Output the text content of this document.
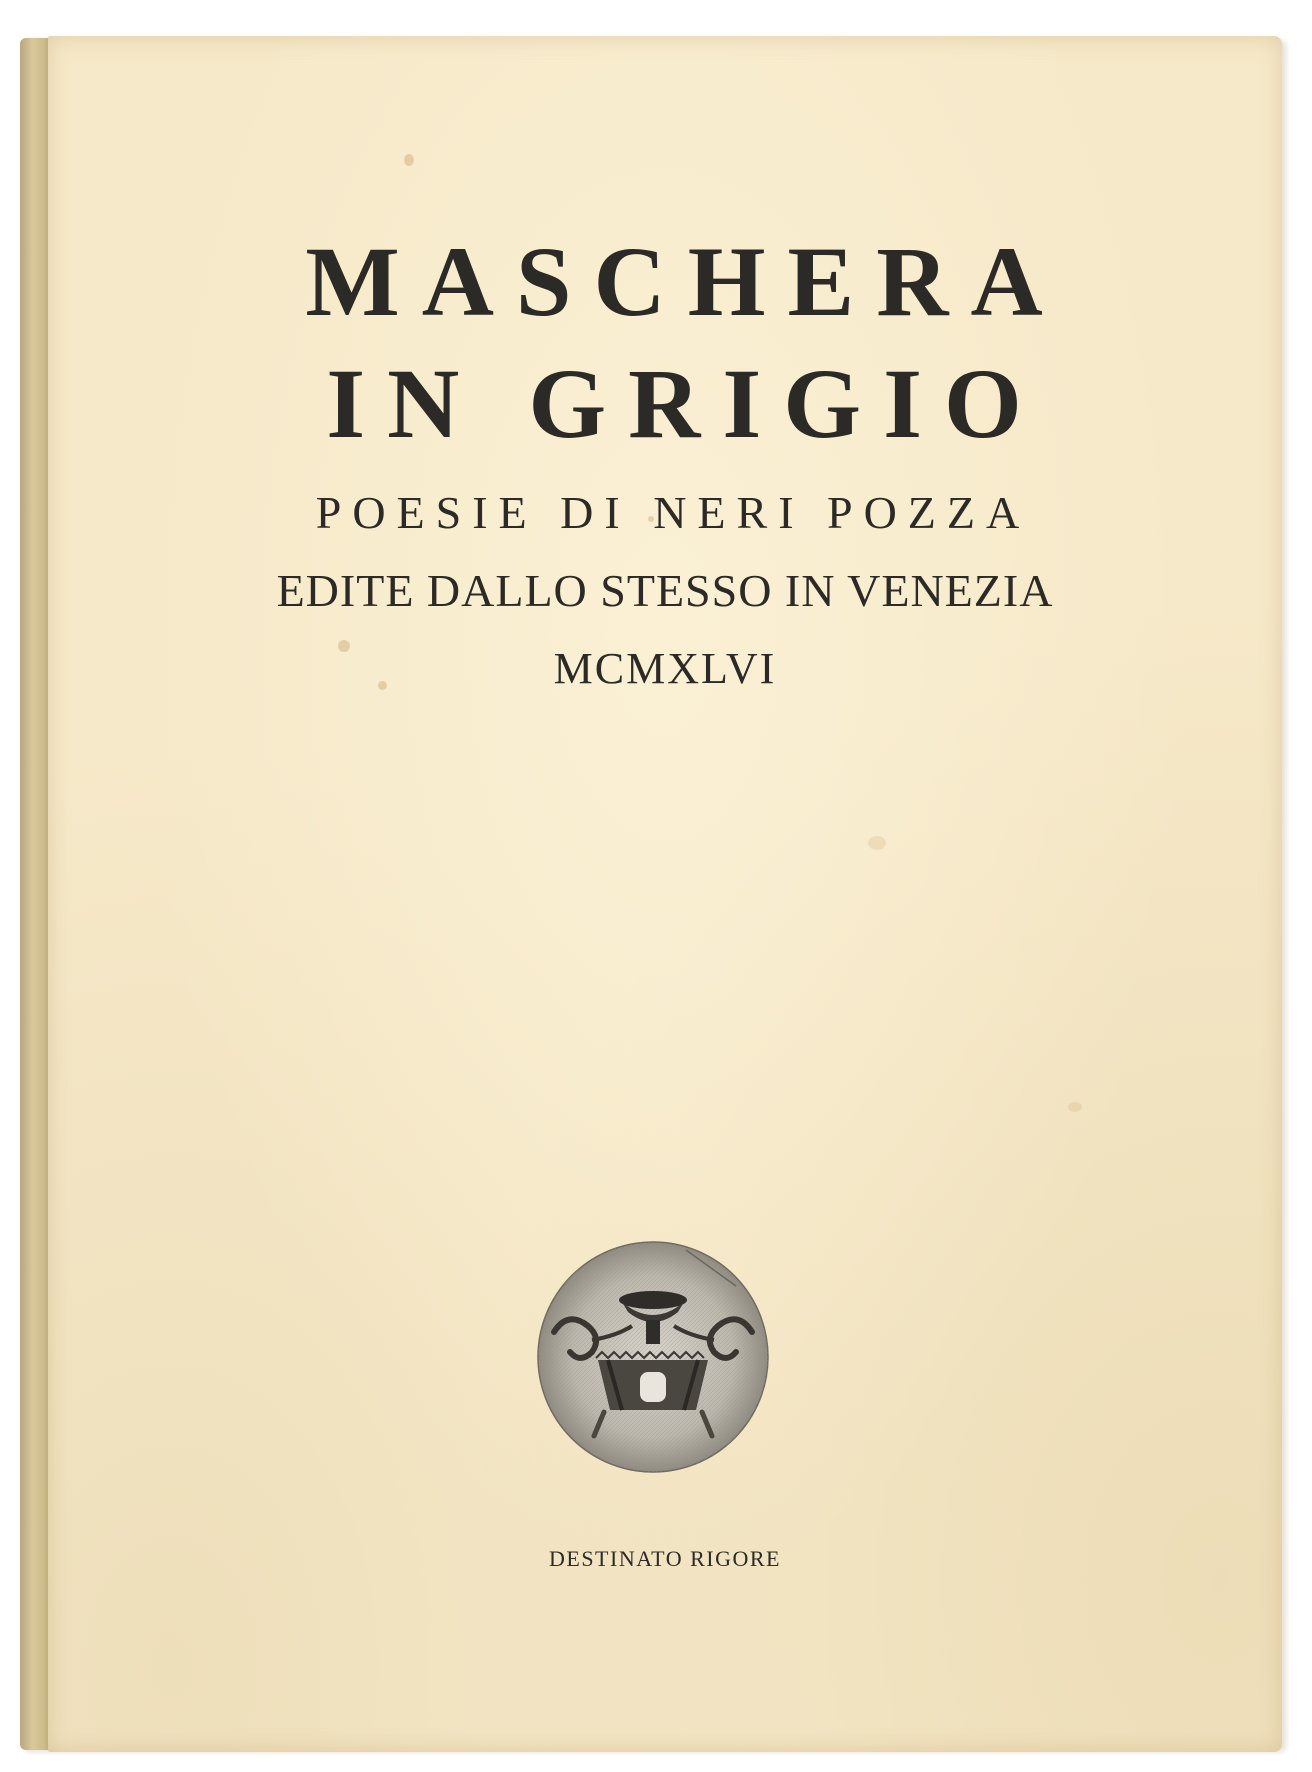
MASCHERA
IN GRIGIO

POESIE DI NERI POZZA

EDITE DALLO STESSO IN VENEZIA

MCMXLVI

DESTINATO RIGORE
